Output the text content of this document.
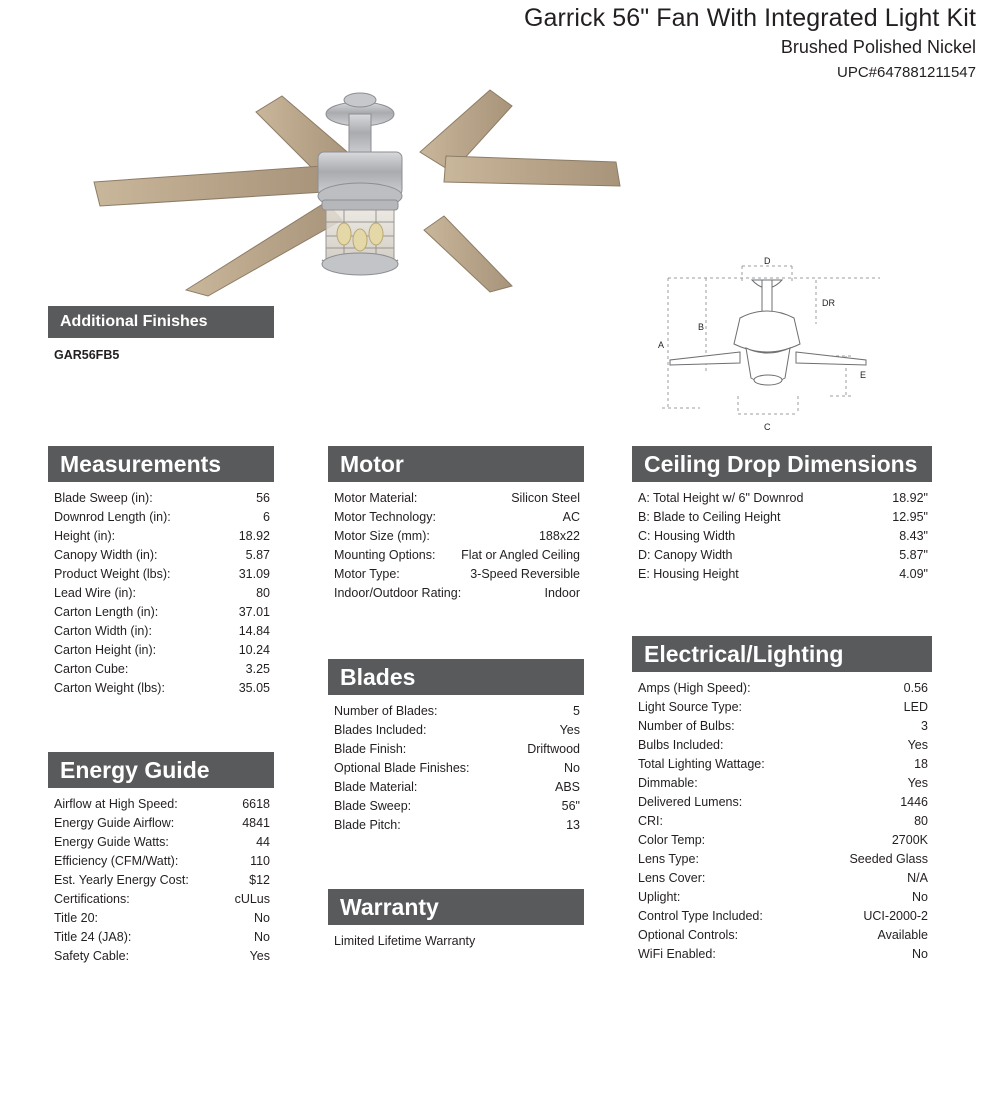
Garrick 56" Fan With Integrated Light Kit
Brushed Polished Nickel
UPC#647881211547
A
B
C
D
DR
E
Additional Finishes
GAR56FB5
Measurements
Blade Sweep (in):	56
Downrod Length (in):	6
Height (in):	18.92
Canopy Width (in):	5.87
Product Weight (lbs):	31.09
Lead Wire (in):	80
Carton Length (in):	37.01
Carton Width (in):	14.84
Carton Height (in):	10.24
Carton Cube:	3.25
Carton Weight (lbs):	35.05
Energy Guide
Airflow at High Speed:	6618
Energy Guide Airflow:	4841
Energy Guide Watts:	44
Efficiency (CFM/Watt):	110
Est. Yearly Energy Cost:	$12
Certifications:	cULus
Title 20:	No
Title 24 (JA8):	No
Safety Cable:	Yes
Motor
Motor Material:	Silicon Steel
Motor Technology:	AC
Motor Size (mm):	188x22
Mounting Options: Flat or Angled Ceiling
Motor Type:	3-Speed Reversible
Indoor/Outdoor Rating:	Indoor
Blades
Number of Blades:	5
Blades Included:	Yes
Blade Finish:	Driftwood
Optional Blade Finishes:	No
Blade Material:	ABS
Blade Sweep:	56"
Blade Pitch:	13
Warranty
Limited Lifetime Warranty
Ceiling Drop Dimensions
A: Total Height w/ 6" Downrod	18.92"
B: Blade to Ceiling Height	12.95"
C: Housing Width	8.43"
D: Canopy Width	5.87"
E: Housing Height	4.09"
Electrical/Lighting
Amps (High Speed):	0.56
Light Source Type:	LED
Number of Bulbs:	3
Bulbs Included:	Yes
Total Lighting Wattage:	18
Dimmable:	Yes
Delivered Lumens:	1446
CRI:	80
Color Temp:	2700K
Lens Type:	Seeded Glass
Lens Cover:	N/A
Uplight:	No
Control Type Included:	UCI-2000-2
Optional Controls:	Available
WiFi Enabled:	No
